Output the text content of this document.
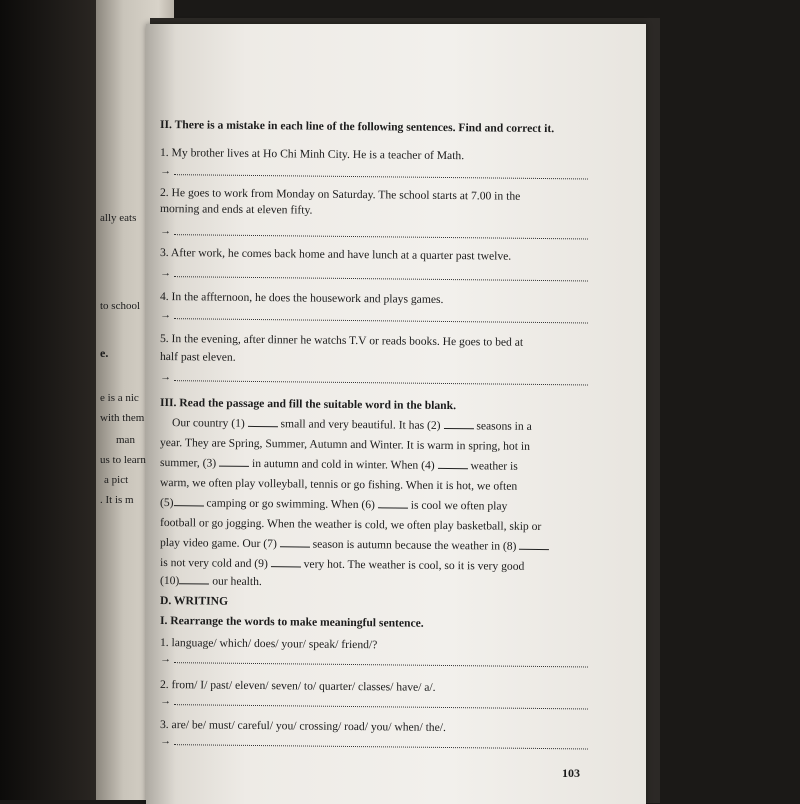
ally eats
to school
e.
e is a nic
with them
man
us to learn
a pict
. It is m

II. There is a mistake in each line of the following sentences. Find and correct it.

1. My brother lives at Ho Chi Minh City. He is a teacher of Math.

→

2. He goes to work from Monday on Saturday. The school starts at 7.00 in the

morning and ends at eleven fifty.

→

3. After work, he comes back home and have lunch at a quarter past twelve.

→

4. In the affternoon, he does the housework and plays games.

→

5. In the evening, after dinner he watchs T.V or reads books. He goes to bed at

half past eleven.

→

III. Read the passage and fill the suitable word in the blank.

Our country (1)	small and very beautiful. It has (2)	seasons in a

year. They are Spring, Summer, Autumn and Winter. It is warm in spring, hot in

summer, (3)	in autumn and cold in winter. When (4)	weather is

warm, we often play volleyball, tennis or go fishing. When it is hot, we often

(5)	camping or go swimming. When (6)	is cool we often play

football or go jogging. When the weather is cold, we often play basketball, skip or

play video game. Our (7)	season is autumn because the weather in (8)

is not very cold and (9)	very hot. The weather is cool, so it is very good

(10)	our health.

D. WRITING

I. Rearrange the words to make meaningful sentence.

1. language/ which/ does/ your/ speak/ friend/?

→

2. from/ I/ past/ eleven/ seven/ to/ quarter/ classes/ have/ a/.

→

3. are/ be/ must/ careful/ you/ crossing/ road/ you/ when/ the/.

→
103
